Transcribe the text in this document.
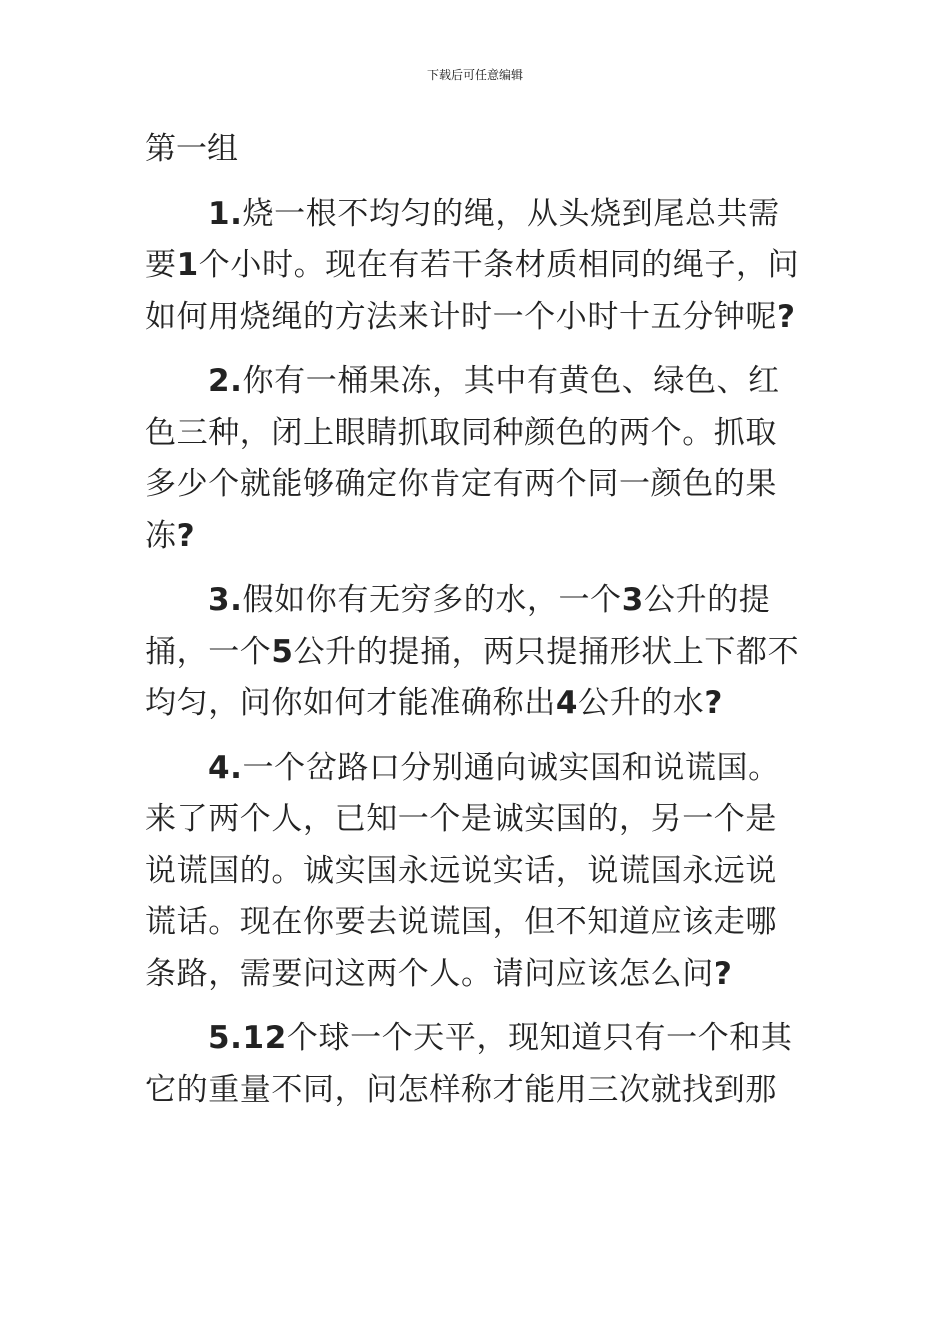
下载后可任意编辑

第一组

1.烧一根不均匀的绳，从头烧到尾总共需要1个小时。现在有若干条材质相同的绳子，问如何用烧绳的方法来计时一个小时十五分钟呢?

2.你有一桶果冻，其中有黄色、绿色、红色三种，闭上眼睛抓取同种颜色的两个。抓取多少个就能够确定你肯定有两个同一颜色的果冻?

3.假如你有无穷多的水，一个3公升的提捅，一个5公升的提捅，两只提捅形状上下都不均匀，问你如何才能准确称出4公升的水?

4.一个岔路口分别通向诚实国和说谎国。来了两个人，已知一个是诚实国的，另一个是说谎国的。诚实国永远说实话，说谎国永远说谎话。现在你要去说谎国，但不知道应该走哪条路，需要问这两个人。请问应该怎么问?

5.12个球一个天平，现知道只有一个和其它的重量不同，问怎样称才能用三次就找到那
